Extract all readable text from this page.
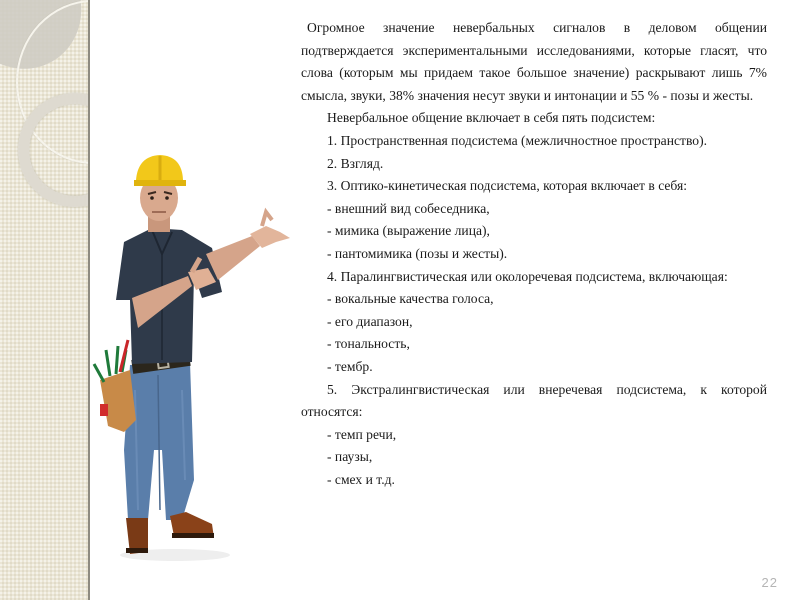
Огромное значение невербальных сигналов в деловом общении подтверждается экспериментальными исследованиями, которые гласят, что слова (которым мы придаем такое большое значение) раскрывают лишь 7% смысла, звуки, 38% значения несут звуки и интонации и 55 % - позы и жесты.

Невербальное общение включает в себя пять подсистем:

1. Пространственная подсистема (межличностное пространство).

2. Взгляд.

3. Оптико-кинетическая подсистема, которая включает в себя:

- внешний вид собеседника,

- мимика (выражение лица),

- пантомимика (позы и жесты).

4. Паралингвистическая или околоречевая подсистема, включающая:

- вокальные качества голоса,

- его диапазон,

- тональность,

- тембр.

5. Экстралингвистическая или внеречевая подсистема, к которой относятся:

- темп речи,

- паузы,

- смех и т.д.

22
